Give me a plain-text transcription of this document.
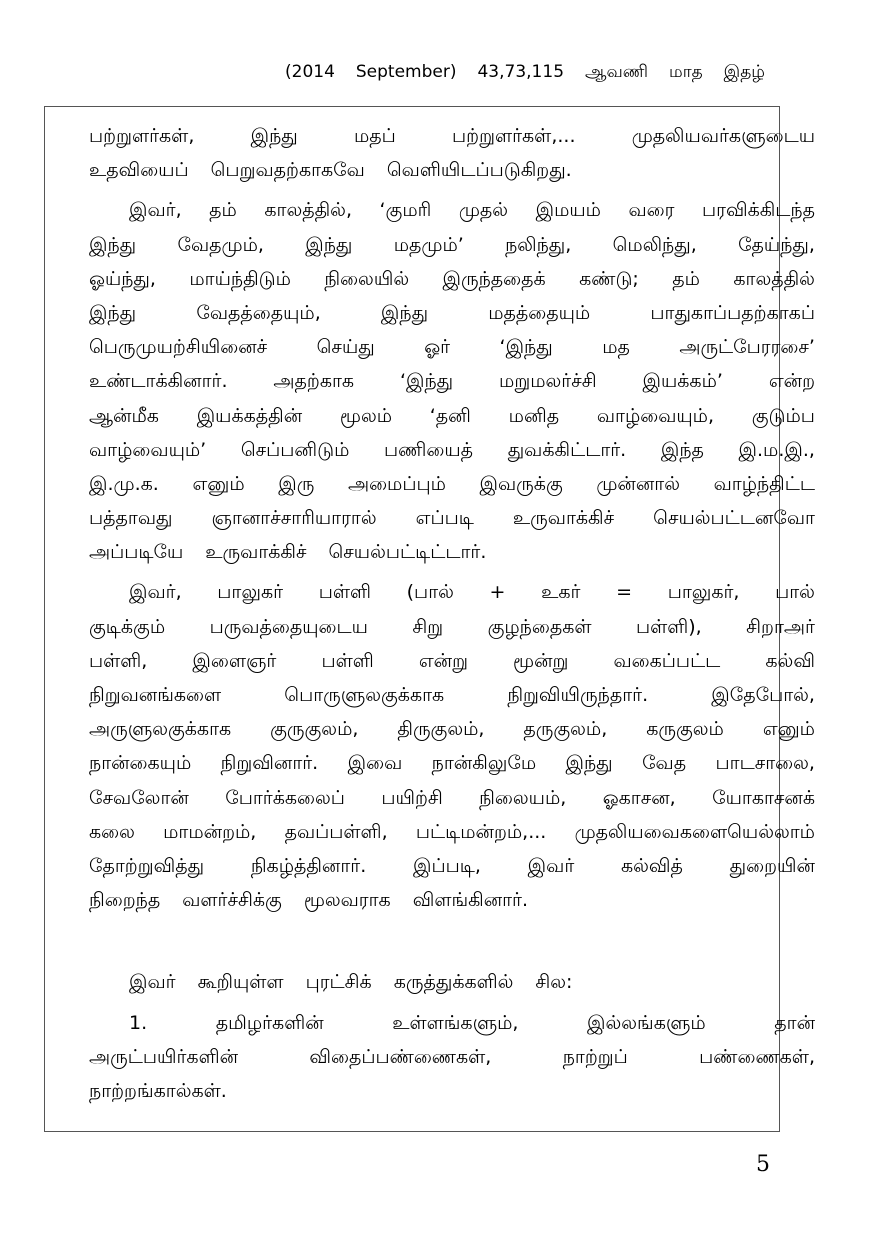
(2014 September) 43,73,115 ஆவணி மாத இதழ்
பற்றுளர்கள்,	இந்து	மதப்	பற்றுளர்கள்,...	முதலியவர்களுடைய
உதவியைப் பெறுவதற்காகவே வெளியிடப்படுகிறது.
இவர், தம் காலத்தில், ‘குமரி முதல் இமயம் வரை பரவிக்கிடந்த
இந்து வேதமும், இந்து மதமும்’ நலிந்து, மெலிந்து, தேய்ந்து,
ஓய்ந்து, மாய்ந்திடும் நிலையில் இருந்ததைக் கண்டு; தம் காலத்தில்
இந்து	வேதத்தையும்,	இந்து	மதத்தையும்	பாதுகாப்பதற்காகப்
பெருமுயற்சியினைச்	செய்து	ஓர்	‘இந்து	மத	அருட்பேரரசை’
உண்டாக்கினார். அதற்காக ‘இந்து மறுமலர்ச்சி இயக்கம்’ என்ற
ஆன்மீக இயக்கத்தின் மூலம் ‘தனி மனித வாழ்வையும், குடும்ப
வாழ்வையும்’ செப்பனிடும் பணியைத் துவக்கிட்டார். இந்த இ.ம.இ.,
இ.மு.க. எனும் இரு அமைப்பும் இவருக்கு முன்னால் வாழ்ந்திட்ட
பத்தாவது ஞானாச்சாரியாரால் எப்படி உருவாக்கிச் செயல்பட்டனவோ
அப்படியே உருவாக்கிச் செயல்பட்டிட்டார்.
இவர், பாலுகர் பள்ளி (பால் + உகர் = பாலுகர், பால்
குடிக்கும் பருவத்தையுடைய சிறு குழந்தைகள் பள்ளி), சிறாஅர்
பள்ளி, இளைஞர் பள்ளி என்று மூன்று வகைப்பட்ட கல்வி
நிறுவனங்களை	பொருளுலகுக்காக	நிறுவியிருந்தார்.	இதேபோல்,
அருளுலகுக்காக குருகுலம், திருகுலம், தருகுலம், கருகுலம் எனும்
நான்கையும் நிறுவினார். இவை நான்கிலுமே இந்து வேத பாடசாலை,
சேவலோன் போர்க்கலைப் பயிற்சி நிலையம், ஓகாசன, யோகாசனக்
கலை மாமன்றம், தவப்பள்ளி, பட்டிமன்றம்,... முதலியவைகளையெல்லாம்
தோற்றுவித்து நிகழ்த்தினார். இப்படி, இவர் கல்வித் துறையின்
நிறைந்த வளர்ச்சிக்கு மூலவராக விளங்கினார்.
இவர் கூறியுள்ள புரட்சிக் கருத்துக்களில் சில:
1.	தமிழர்களின்	உள்ளங்களும்,	இல்லங்களும்	தான்
அருட்பயிர்களின்	விதைப்பண்ணைகள்,	நாற்றுப்	பண்ணைகள்,
நாற்றங்கால்கள்.
5
